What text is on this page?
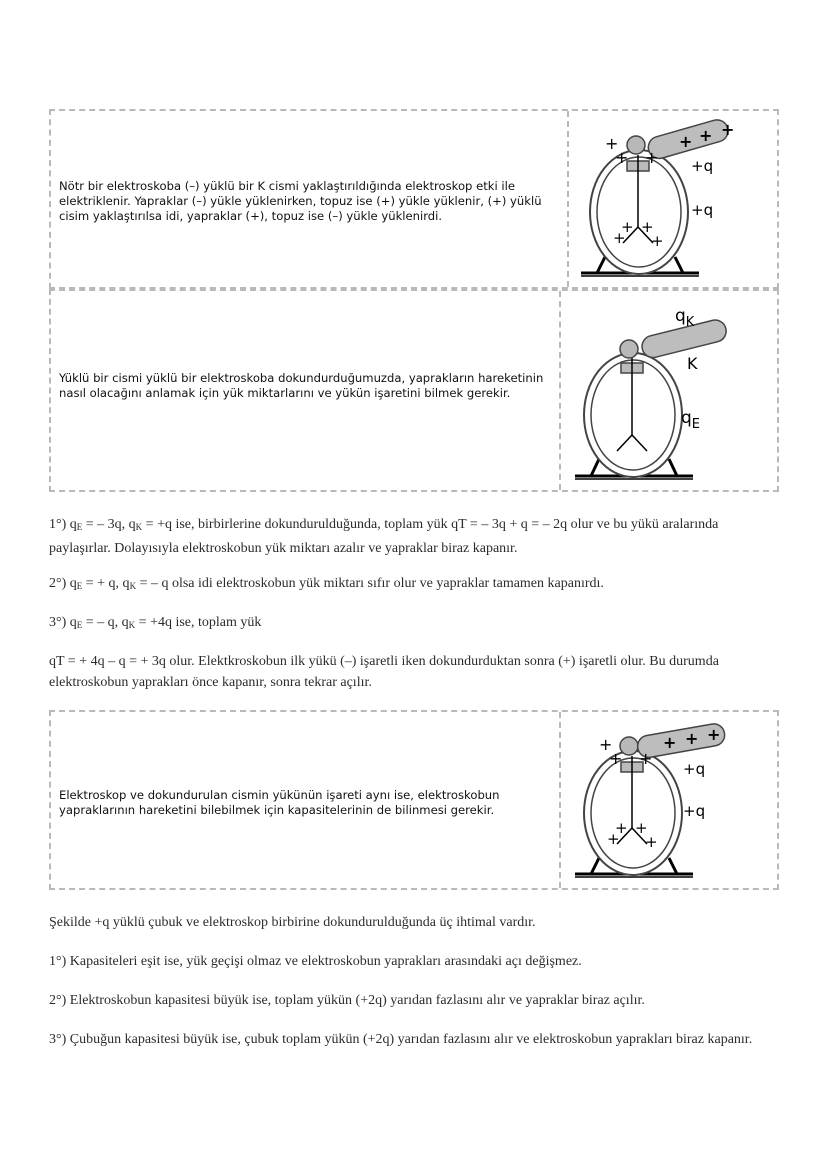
Nötr bir elektroskoba (–) yüklü bir K cismi yaklaştırıldığında elektroskop etki ile elektriklenir. Yapraklar (–) yükle yüklenirken, topuz ise (+) yükle yüklenir, (+) yüklü cisim yaklaştırılsa idi, yapraklar (+), topuz ise (–) yükle yüklenirdi.
+ + +
+
+ +
+
+ +
+
+q
+q
Yüklü bir cismi yüklü bir elektroskoba dokundurduğumuzda, yaprakların hareketinin nasıl olacağını anlamak için yük miktarlarını ve yükün işaretini bilmek gerekir.
$q_K$
K
$q_E$

1°) $q_E$ = – 3q, $q_K = +q$ ise, birbirlerine dokundurulduğunda, toplam yük qT = – 3q + q = – 2q olur ve bu yükü aralarında paylaşırlar. Dolayısıyla elektroskobun yük miktarı azalır ve yapraklar biraz kapanır.

2°) $q_E$ = + q, $q_K$ = – q olsa idi elektroskobun yük miktarı sıfır olur ve yapraklar tamamen kapanırdı.

3°) $q_E$ = – q, $q_K = +4q$ ise, toplam yük

qT = + 4q – q = + 3q olur. Elektkroskobun ilk yükü (–) işaretli iken dokundurduktan sonra (+) işaretli olur. Bu durumda elektroskobun yaprakları önce kapanır, sonra tekrar açılır.

Elektroskop ve dokundurulan cismin yükünün işareti aynı ise, elektroskobun yapraklarının hareketini bilebilmek için kapasitelerinin de bilinmesi gerekir.
+ + +
+
+ +
+
+ +
+
+q
+q

Şekilde +q yüklü çubuk ve elektroskop birbirine dokundurulduğunda üç ihtimal vardır.

1°) Kapasiteleri eşit ise, yük geçişi olmaz ve elektroskobun yaprakları arasındaki açı değişmez.

2°) Elektroskobun kapasitesi büyük ise, toplam yükün (+2q) yarıdan fazlasını alır ve yapraklar biraz açılır.

3°) Çubuğun kapasitesi büyük ise, çubuk toplam yükün (+2q) yarıdan fazlasını alır ve elektroskobun yaprakları biraz kapanır.
